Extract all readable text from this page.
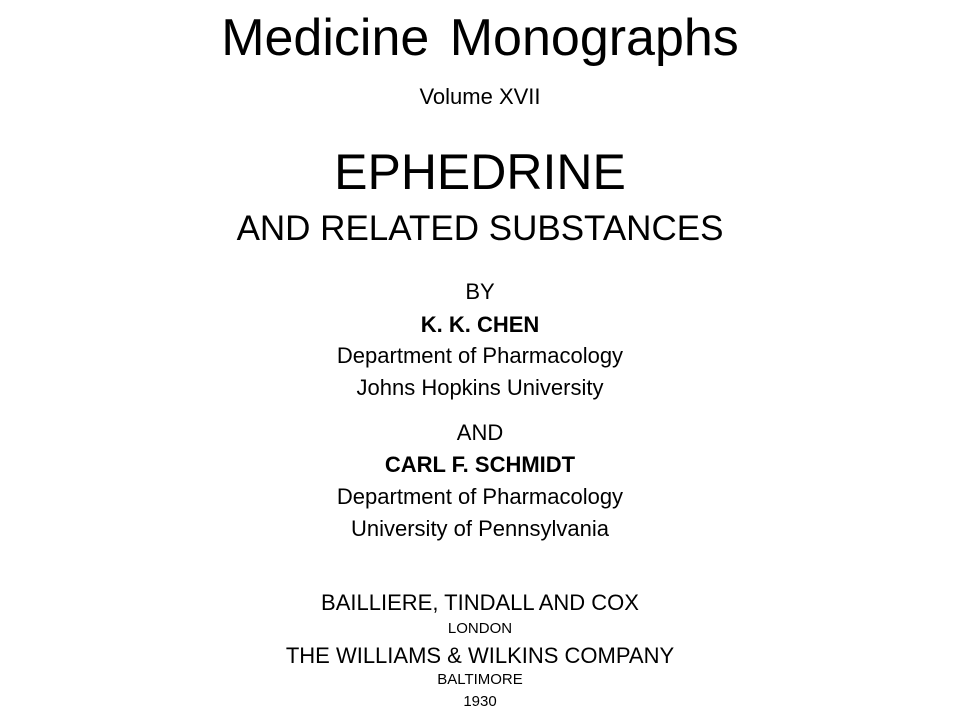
Medicine Monographs
Volume XVII
EPHEDRINE
AND RELATED SUBSTANCES
BY
K. K. CHEN
Department of Pharmacology
Johns Hopkins University
AND
CARL F. SCHMIDT
Department of Pharmacology
University of Pennsylvania
BAILLIERE, TINDALL AND COX
LONDON
THE WILLIAMS & WILKINS COMPANY
BALTIMORE
1930
